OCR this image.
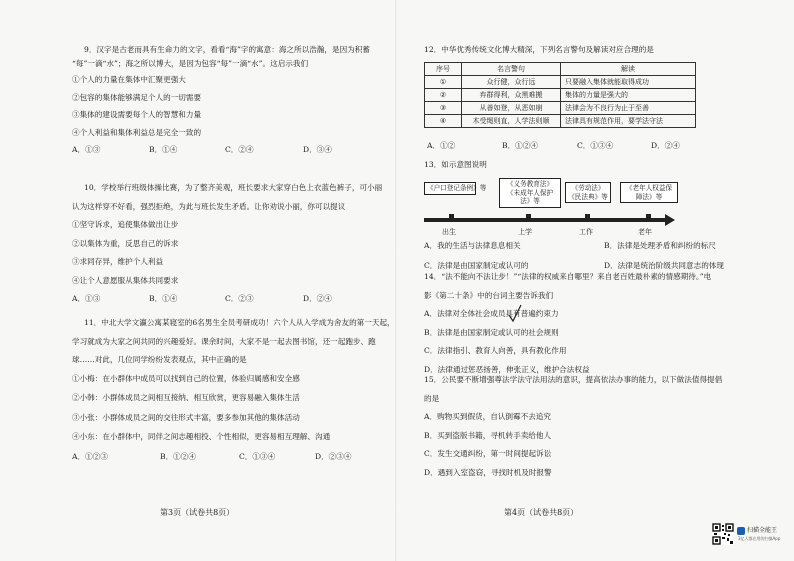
9．汉字是古老而具有生命力的文字，看看“海”字的寓意：海之所以浩瀚，是因为积蓄
“每”一滴“水”；海之所以博大，是因为包容“每”一滴“水”。这启示我们
①个人的力量在集体中汇聚更强大
②包容的集体能够满足个人的一切需要
③集体的建设需要每个人的智慧和力量
④个人利益和集体利益总是完全一致的
A．①③	B．①④	C．②④	D．③④
10．学校举行班级体操比赛，为了整齐美观，班长要求大家穿白色上衣蓝色裤子，可小丽
认为这样穿不好看，强烈拒绝，为此与班长发生矛盾。让你劝说小丽，你可以提议
①坚守诉求，追使集体做出让步
②以集体为重，反思自己的诉求
③求同存异，维护个人利益
④让个人意愿服从集体共同要求
A．①③	B．①④	C．②③	D．②④
11．中北大学文瀛公寓某寝室的6名男生全员考研成功！六个人从入学成为舍友的第一天起，
学习就成为大家之间共同的兴趣爱好。课余时间，大家不是一起去图书馆，还一起跑步、跑
球……对此，几位同学纷纷发表观点，其中正确的是
①小梅：在小群体中成员可以找到自己的位置，体验归属感和安全感
②小韩：小群体成员之间相互接纳、相互欣赏，更容易融入集体生活
③小张：小群体成员之间的交往形式丰富，要多参加其他的集体活动
④小东：在小群体中，同伴之间志趣相投、个性相似，更容易相互理解、沟通
A．①②③	B．①②④	C．①③④	D．②③④
第3页（试卷共8页）
12．中华优秀传统文化博大精深，下列名言警句及解读对应合理的是
序号	名言警句	解读
①	众行健，众行远	只要融入集体就能取得成功
②	弃群得利，众黑难搬	集体的力量是强大的
③	从善如登，从恶如崩	法律会为不良行为止于至善
④	木受绳则直，人学法则顺	法律具有规范作用，要学法守法
A．①②	B．①②④	C．①③④	D．②④
13．如示意图说明
《户口登记条例》等	《义务教育法》《未成年人保护法》等
《劳动法》《民法典》等
《老年人权益保障法》等
出生	上学	工作	老年
A．我的生活与法律息息相关	B．法律是处理矛盾和纠纷的标尺
C．法律是由国家制定或认可的	D．法律是统治阶级共同意志的体现
14．“法不能向不法让步！”“法律的权威来自哪里？来自老百姓最朴素的情感期待。”电
影《第二十条》中的台词主要告诉我们
A．法律对全体社会成员具有普遍约束力
B．法律是由国家制定或认可的社会规则
C．法律指引、教育人向善，具有教化作用
D．法律通过惩恶扬善，伸张正义，维护合法权益
15．公民要不断增强尊法学法守法用法的意识，提高依法办事的能力，以下做法值得提倡
的是
A．购物买到假货，自认倒霉不去追究
B．买到盗版书籍，寻机转手卖给他人
C．发生交通纠纷，第一时间提起诉讼
D．遇到入室盗窃，寻找时机及时报警
第4页（试卷共8页）
扫描全能王
3亿人都在用的扫描App
